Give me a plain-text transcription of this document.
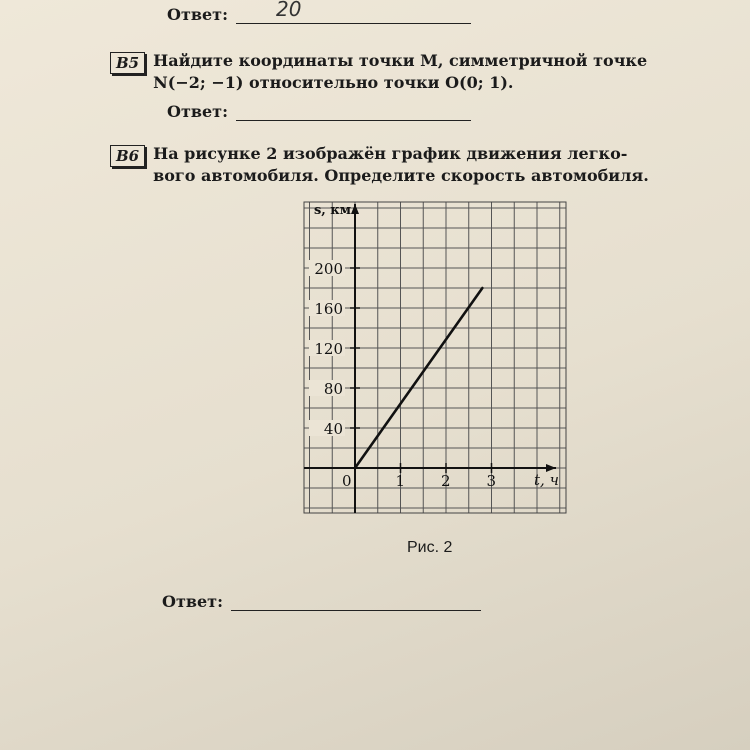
Ответ: 20
B5 Найдите координаты точки M, симметричной точке
N(−2; −1) относительно точки O(0; 1).
Ответ:
B6 На рисунке 2 изображён график движения легко-
вого автомобиля. Определите скорость автомобиля.
s, км
t, ч
40
80
120
160
200
0	1 2 3
Рис. 2
Ответ:
